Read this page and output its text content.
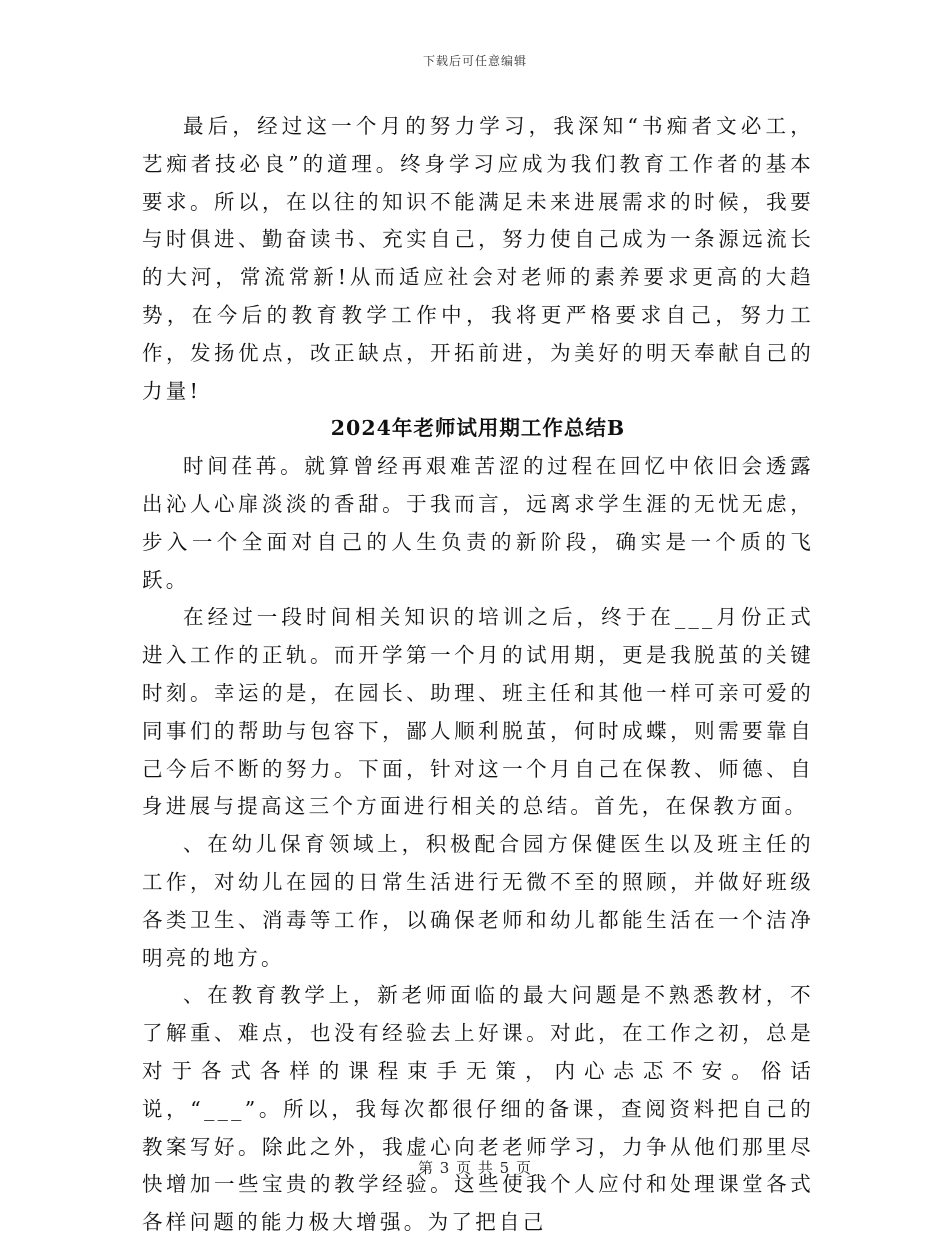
下载后可任意编辑

最后，经过这一个月的努力学习，我深知“书痴者文必工，艺痴者技必良”的道理。终身学习应成为我们教育工作者的基本要求。所以，在以往的知识不能满足未来进展需求的时候，我要与时俱进、勤奋读书、充实自己，努力使自己成为一条源远流长的大河，常流常新!从而适应社会对老师的素养要求更高的大趋势，在今后的教育教学工作中，我将更严格要求自己，努力工作，发扬优点，改正缺点，开拓前进，为美好的明天奉献自己的力量!

2024年老师试用期工作总结B

时间荏苒。就算曾经再艰难苦涩的过程在回忆中依旧会透露出沁人心扉淡淡的香甜。于我而言，远离求学生涯的无忧无虑，步入一个全面对自己的人生负责的新阶段，确实是一个质的飞跃。

在经过一段时间相关知识的培训之后，终于在___月份正式进入工作的正轨。而开学第一个月的试用期，更是我脱茧的关键时刻。幸运的是，在园长、助理、班主任和其他一样可亲可爱的同事们的帮助与包容下，鄙人顺利脱茧，何时成蝶，则需要靠自己今后不断的努力。下面，针对这一个月自己在保教、师德、自身进展与提高这三个方面进行相关的总结。首先，在保教方面。

、在幼儿保育领域上，积极配合园方保健医生以及班主任的工作，对幼儿在园的日常生活进行无微不至的照顾，并做好班级各类卫生、消毒等工作，以确保老师和幼儿都能生活在一个洁净明亮的地方。

、在教育教学上，新老师面临的最大问题是不熟悉教材，不了解重、难点，也没有经验去上好课。对此，在工作之初，总是对于各式各样的课程束手无策，内心忐忑不安。俗话说，“___”。所以，我每次都很仔细的备课，查阅资料把自己的教案写好。除此之外，我虚心向老老师学习，力争从他们那里尽快增加一些宝贵的教学经验。这些使我个人应付和处理课堂各式各样问题的能力极大增强。为了把自己

第 3 页 共 5 页
